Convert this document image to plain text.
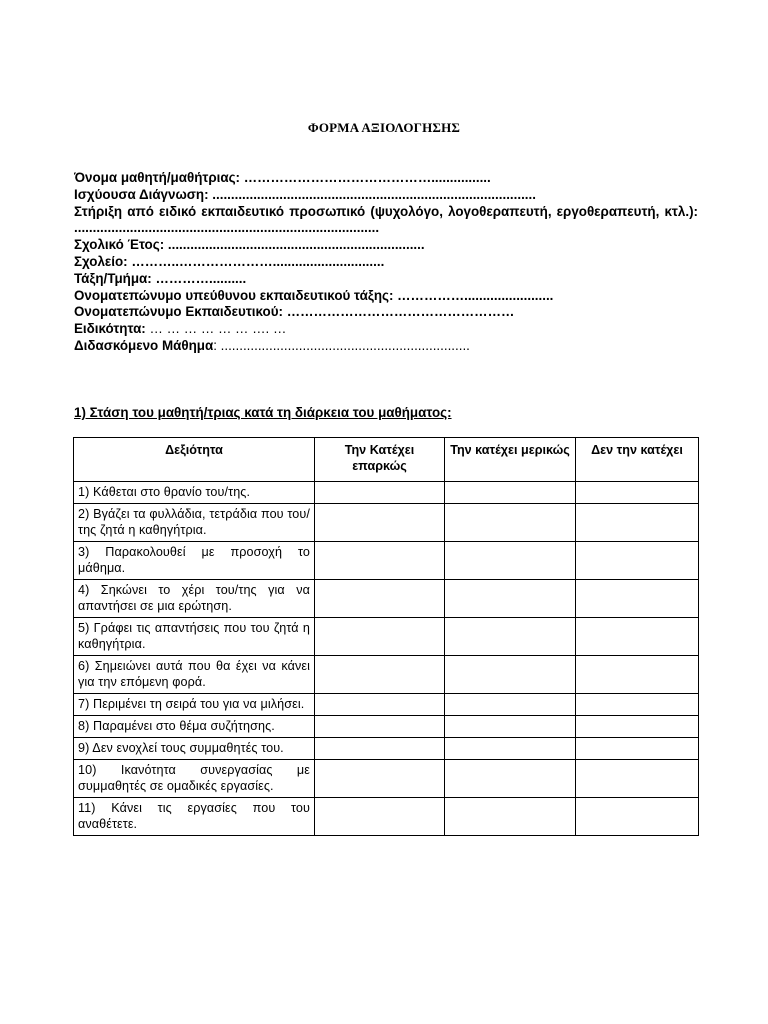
ΦΟΡΜΑ ΑΞΙΟΛΟΓΗΣΗΣ
Όνομα μαθητή/μαθήτριας: ……………………………………................
Ισχύουσα Διάγνωση: .......................................................................................
Στήριξη από ειδικό εκπαιδευτικό προσωπικό (ψυχολόγο, λογοθεραπευτή, εργοθεραπευτή, κτλ.): ..................................................................................
Σχολικό Έτος: .....................................................................
Σχολείο: ………..…………………..............................
Τάξη/Τμήμα: …………..........
Ονοματεπώνυμο υπεύθυνου εκπαιδευτικού τάξης: ……………........................
Ονοματεπώνυμο Εκπαιδευτικού: ……………………………………………
Ειδικότητα: … … … … … … …. …
Διδασκόμενο Μάθημα: ...................................................................
1) Στάση του μαθητή/τριας κατά τη διάρκεια του μαθήματος:
Δεξιότητα	Την Κατέχει επαρκώς	Την κατέχει μερικώς	Δεν την κατέχει
1) Κάθεται στο θρανίο του/της.			
2) Βγάζει τα φυλλάδια, τετράδια που του/της ζητά η καθηγήτρια.			
3) Παρακολουθεί με προσοχή το μάθημα.			
4) Σηκώνει το χέρι του/της για να απαντήσει σε μια ερώτηση.			
5) Γράφει τις απαντήσεις που του ζητά η καθηγήτρια.			
6) Σημειώνει αυτά που θα έχει να κάνει για την επόμενη φορά.			
7) Περιμένει τη σειρά του για να μιλήσει.			
8) Παραμένει στο θέμα συζήτησης.			
9) Δεν ενοχλεί τους συμμαθητές του.			
10) Ικανότητα συνεργασίας με συμμαθητές σε ομαδικές εργασίες.			
11) Κάνει τις εργασίες που του αναθέτετε.			
